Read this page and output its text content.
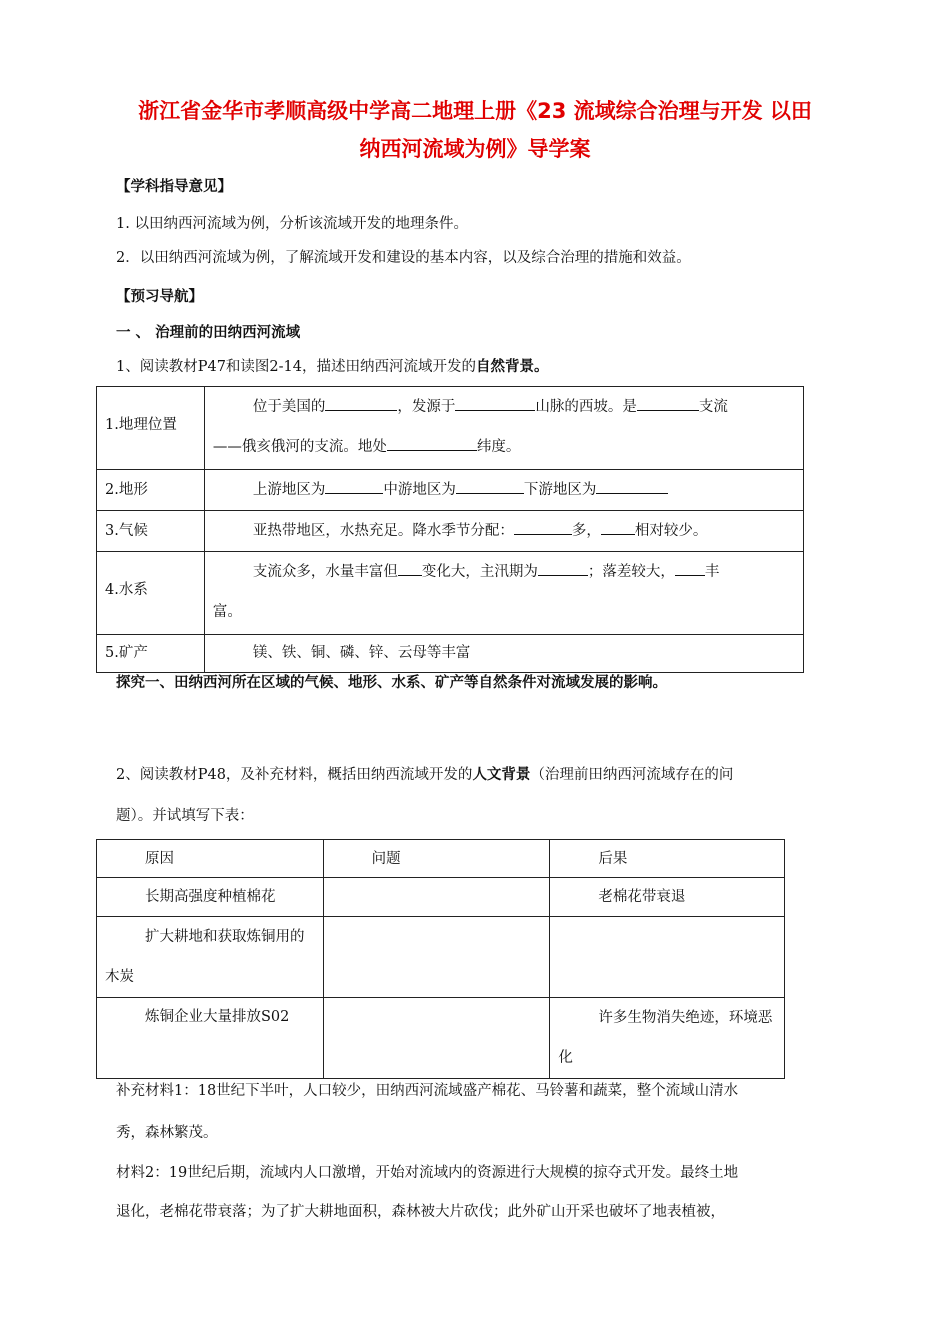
浙江省金华市孝顺高级中学高二地理上册《23 流域综合治理与开发 以田
纳西河流域为例》导学案
【学科指导意见】
1. 以田纳西河流域为例，分析该流域开发的地理条件。
2．以田纳西河流域为例，了解流域开发和建设的基本内容，以及综合治理的措施和效益。
【预习导航】
一 、 治理前的田纳西河流域
1、阅读教材P47和读图2-14，描述田纳西河流域开发的自然背景。
1.地理位置	位于美国的 ，发源于 山脉的西坡。是 支流
——俄亥俄河的支流。地处 纬度。

2.地形	上游地区为 中游地区为 下游地区为

3.气候	亚热带地区，水热充足。降水季节分配： 多， 相对较少。

4.水系	支流众多，水量丰富但 变化大，主汛期为 ；落差较大， 丰
富。

5.矿产	镁、铁、铜、磷、锌、云母等丰富
探究一、田纳西河所在区域的气候、地形、水系、矿产等自然条件对流域发展的影响。
2、阅读教材P48，及补充材料，概括田纳西流域开发的人文背景（治理前田纳西河流域存在的问
题）。并试填写下表：
原因	问题	后果

长期高强度种植棉花		老棉花带衰退

扩大耕地和获取炼铜用的木炭		

炼铜企业大量排放S02		许多生物消失绝迹，环境恶化
补充材料1：18世纪下半叶，人口较少，田纳西河流域盛产棉花、马铃薯和蔬菜，整个流域山清水
秀，森林繁茂。
材料2：19世纪后期，流域内人口激增，开始对流域内的资源进行大规模的掠夺式开发。最终土地
退化，老棉花带衰落；为了扩大耕地面积，森林被大片砍伐；此外矿山开采也破坏了地表植被，
